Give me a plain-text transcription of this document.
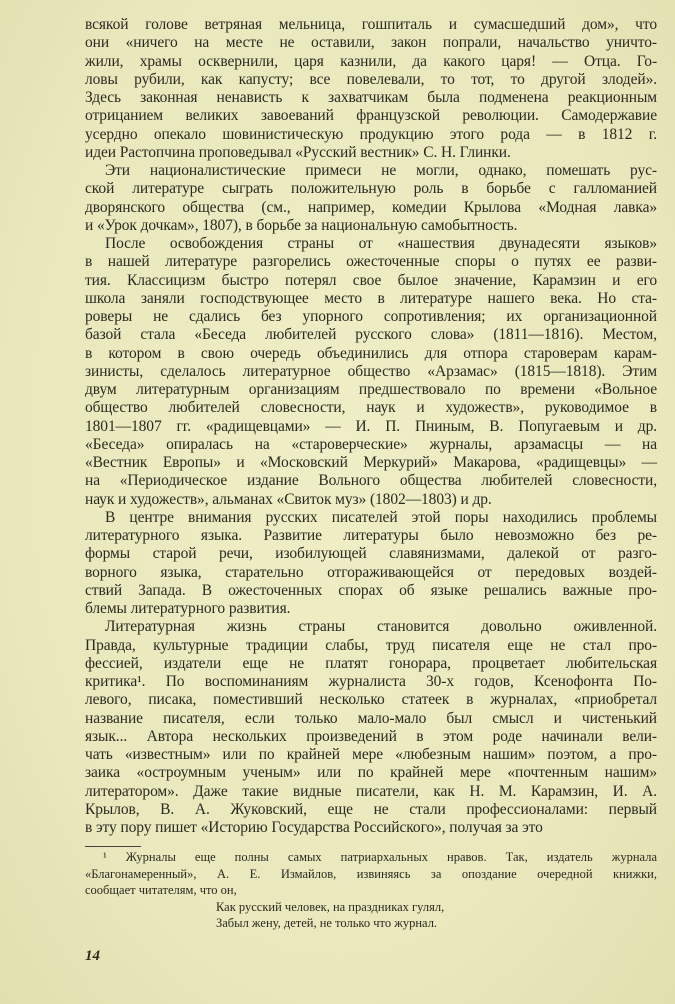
всякой голове ветряная мельница, гошпиталь и сумасшедший дом», что
они «ничего на месте не оставили, закон попрали, начальство уничто-
жили, храмы осквернили, царя казнили, да какого царя! — Отца. Го-
ловы рубили, как капусту; все повелевали, то тот, то другой злодей».
Здесь законная ненависть к захватчикам была подменена реакционным
отрицанием великих завоеваний французской революции. Самодержавие
усердно опекало шовинистическую продукцию этого рода — в 1812 г.
идеи Растопчина проповедывал «Русский вестник» С. Н. Глинки.
Эти националистические примеси не могли, однако, помешать рус-
ской литературе сыграть положительную роль в борьбе с галломанией
дворянского общества (см., например, комедии Крылова «Модная лавка»
и «Урок дочкам», 1807), в борьбе за национальную самобытность.
После освобождения страны от «нашествия двунадесяти языков»
в нашей литературе разгорелись ожесточенные споры о путях ее разви-
тия. Классицизм быстро потерял свое былое значение, Карамзин и его
школа заняли господствующее место в литературе нашего века. Но ста-
роверы не сдались без упорного сопротивления; их организационной
базой стала «Беседа любителей русского слова» (1811—1816). Местом,
в котором в свою очередь объединились для отпора староверам карам-
зинисты, сделалось литературное общество «Арзамас» (1815—1818). Этим
двум литературным организациям предшествовало по времени «Вольное
общество любителей словесности, наук и художеств», руководимое в
1801—1807 гг. «радищевцами» — И. П. Пниным, В. Попугаевым и др.
«Беседа» опиралась на «староверческие» журналы, арзамасцы — на
«Вестник Европы» и «Московский Меркурий» Макарова, «радищевцы» —
на «Периодическое издание Вольного общества любителей словесности,
наук и художеств», альманах «Свиток муз» (1802—1803) и др.
В центре внимания русских писателей этой поры находились проблемы
литературного языка. Развитие литературы было невозможно без ре-
формы старой речи, изобилующей славянизмами, далекой от разго-
ворного языка, старательно отгораживающейся от передовых воздей-
ствий Запада. В ожесточенных спорах об языке решались важные про-
блемы литературного развития.
Литературная жизнь страны становится довольно оживленной.
Правда, культурные традиции слабы, труд писателя еще не стал про-
фессией, издатели еще не платят гонорара, процветает любительская
критика¹. По воспоминаниям журналиста 30-х годов, Ксенофонта По-
левого, писака, поместивший несколько статеек в журналах, «приобретал
название писателя, если только мало-мало был смысл и чистенький
язык... Автора нескольких произведений в этом роде начинали вели-
чать «известным» или по крайней мере «любезным нашим» поэтом, а про-
заика «остроумным ученым» или по крайней мере «почтенным нашим»
литератором». Даже такие видные писатели, как Н. М. Карамзин, И. А.
Крылов, В. А. Жуковский, еще не стали профессионалами: первый
в эту пору пишет «Историю Государства Российского», получая за это
¹ Журналы еще полны самых патриархальных нравов. Так, издатель журнала
«Благонамеренный», А. Е. Измайлов, извиняясь за опоздание очередной книжки,
сообщает читателям, что он,
Как русский человек, на праздниках гулял,
Забыл жену, детей, не только что журнал.
14
